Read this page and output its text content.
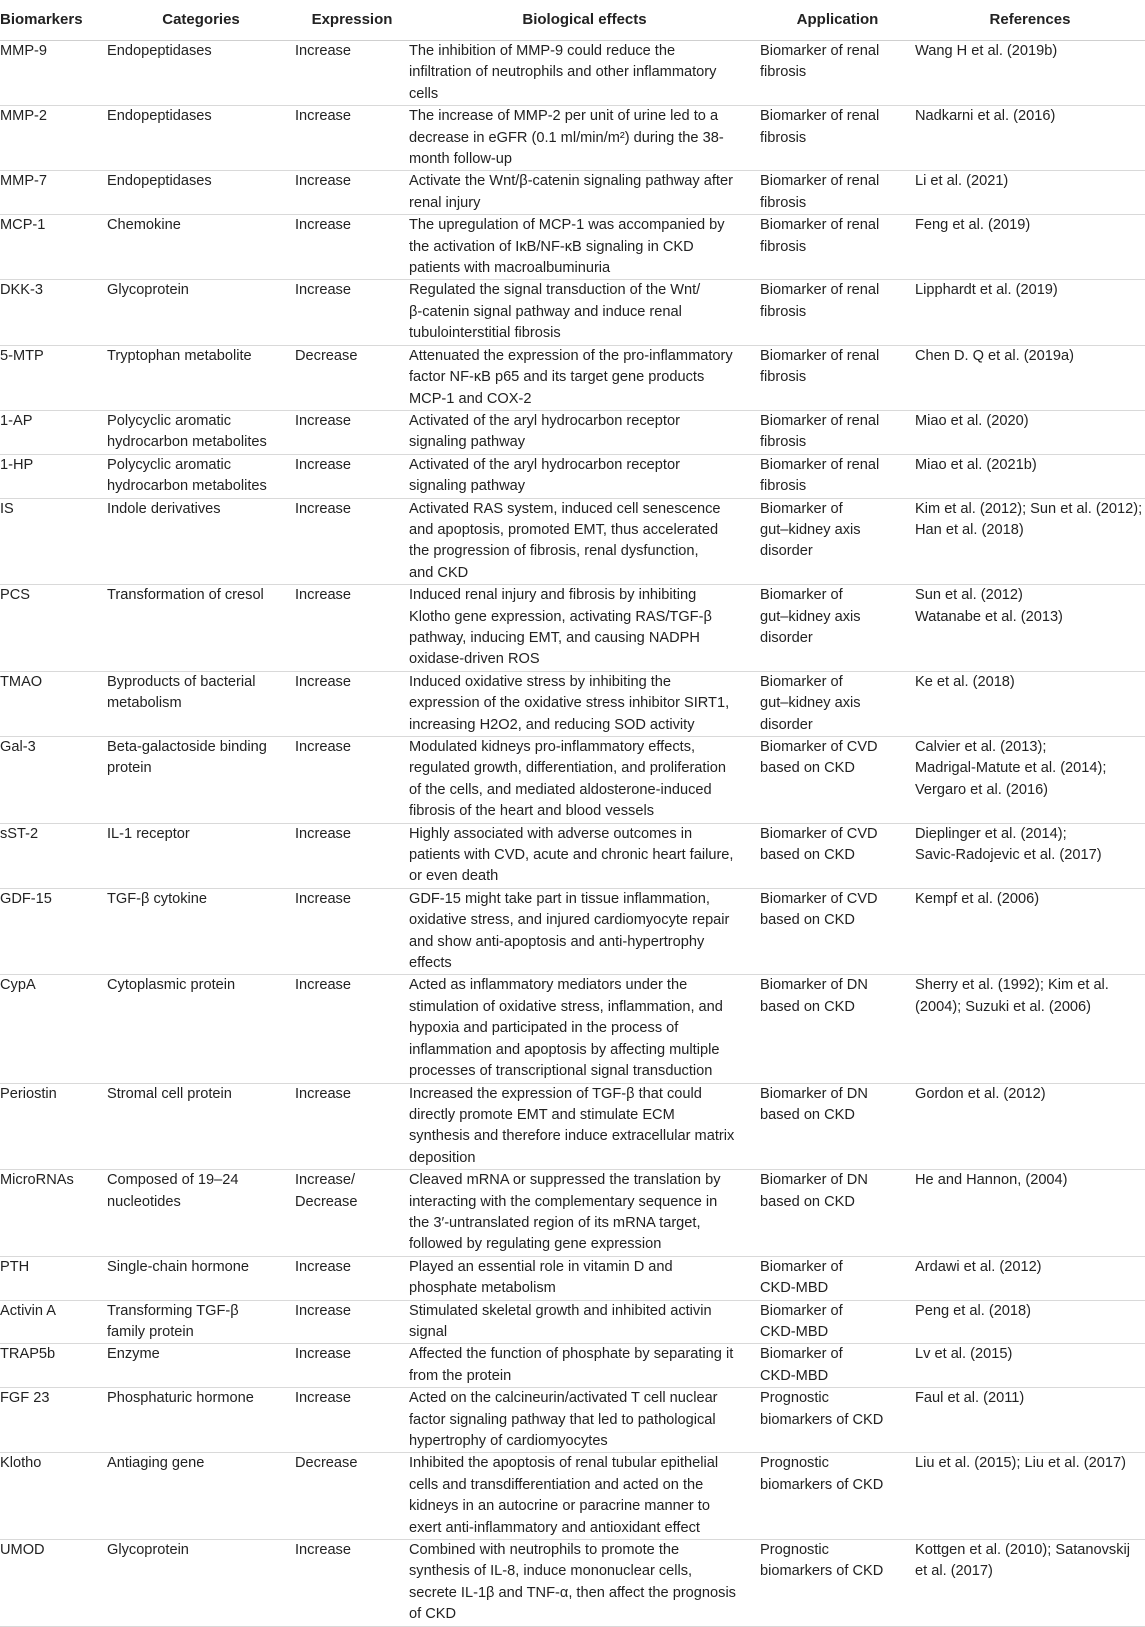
Biomarkers	Categories	Expression	Biological effects	Application	References

MMP-9	Endopeptidases	Increase	The inhibition of MMP-9 could reduce the
infiltration of neutrophils and other inflammatory
cells	Biomarker of renal
fibrosis	Wang H et al. (2019b)

MMP-2	Endopeptidases	Increase	The increase of MMP-2 per unit of urine led to a
decrease in eGFR (0.1 ml/min/m²) during the 38-
month follow-up	Biomarker of renal
fibrosis	Nadkarni et al. (2016)

MMP-7	Endopeptidases	Increase	Activate the Wnt/β-catenin signaling pathway after
renal injury	Biomarker of renal
fibrosis	Li et al. (2021)

MCP-1	Chemokine	Increase	The upregulation of MCP-1 was accompanied by
the activation of IκB/NF-κB signaling in CKD
patients with macroalbuminuria	Biomarker of renal
fibrosis	Feng et al. (2019)

DKK-3	Glycoprotein	Increase	Regulated the signal transduction of the Wnt/
β-catenin signal pathway and induce renal
tubulointerstitial fibrosis	Biomarker of renal
fibrosis	Lipphardt et al. (2019)

5-MTP	Tryptophan metabolite	Decrease	Attenuated the expression of the pro-inflammatory
factor NF-κB p65 and its target gene products
MCP-1 and COX-2	Biomarker of renal
fibrosis	Chen D. Q et al. (2019a)

1-AP	Polycyclic aromatic
hydrocarbon metabolites	Increase	Activated of the aryl hydrocarbon receptor
signaling pathway	Biomarker of renal
fibrosis	Miao et al. (2020)

1-HP	Polycyclic aromatic
hydrocarbon metabolites	Increase	Activated of the aryl hydrocarbon receptor
signaling pathway	Biomarker of renal
fibrosis	Miao et al. (2021b)

IS	Indole derivatives	Increase	Activated RAS system, induced cell senescence
and apoptosis, promoted EMT, thus accelerated
the progression of fibrosis, renal dysfunction,
and CKD	Biomarker of
gut–kidney axis
disorder	Kim et al. (2012); Sun et al. (2012);
Han et al. (2018)

PCS	Transformation of cresol	Increase	Induced renal injury and fibrosis by inhibiting
Klotho gene expression, activating RAS/TGF-β
pathway, inducing EMT, and causing NADPH
oxidase-driven ROS	Biomarker of
gut–kidney axis
disorder	Sun et al. (2012)
Watanabe et al. (2013)

TMAO	Byproducts of bacterial
metabolism	Increase	Induced oxidative stress by inhibiting the
expression of the oxidative stress inhibitor SIRT1,
increasing H2O2, and reducing SOD activity	Biomarker of
gut–kidney axis
disorder	Ke et al. (2018)

Gal-3	Beta-galactoside binding
protein	Increase	Modulated kidneys pro-inflammatory effects,
regulated growth, differentiation, and proliferation
of the cells, and mediated aldosterone-induced
fibrosis of the heart and blood vessels	Biomarker of CVD
based on CKD	Calvier et al. (2013);
Madrigal-Matute et al. (2014);
Vergaro et al. (2016)

sST-2	IL-1 receptor	Increase	Highly associated with adverse outcomes in
patients with CVD, acute and chronic heart failure,
or even death	Biomarker of CVD
based on CKD	Dieplinger et al. (2014);
Savic-Radojevic et al. (2017)

GDF-15	TGF-β cytokine	Increase	GDF-15 might take part in tissue inflammation,
oxidative stress, and injured cardiomyocyte repair
and show anti-apoptosis and anti-hypertrophy
effects	Biomarker of CVD
based on CKD	Kempf et al. (2006)

CypA	Cytoplasmic protein	Increase	Acted as inflammatory mediators under the
stimulation of oxidative stress, inflammation, and
hypoxia and participated in the process of
inflammation and apoptosis by affecting multiple
processes of transcriptional signal transduction	Biomarker of DN
based on CKD	Sherry et al. (1992); Kim et al.
(2004); Suzuki et al. (2006)

Periostin	Stromal cell protein	Increase	Increased the expression of TGF-β that could
directly promote EMT and stimulate ECM
synthesis and therefore induce extracellular matrix
deposition	Biomarker of DN
based on CKD	Gordon et al. (2012)

MicroRNAs	Composed of 19–24
nucleotides	Increase/
Decrease	Cleaved mRNA or suppressed the translation by
interacting with the complementary sequence in
the 3′-untranslated region of its mRNA target,
followed by regulating gene expression	Biomarker of DN
based on CKD	He and Hannon, (2004)

PTH	Single-chain hormone	Increase	Played an essential role in vitamin D and
phosphate metabolism	Biomarker of
CKD-MBD	Ardawi et al. (2012)

Activin A	Transforming TGF-β
family protein	Increase	Stimulated skeletal growth and inhibited activin
signal	Biomarker of
CKD-MBD	Peng et al. (2018)

TRAP5b	Enzyme	Increase	Affected the function of phosphate by separating it
from the protein	Biomarker of
CKD-MBD	Lv et al. (2015)

FGF 23	Phosphaturic hormone	Increase	Acted on the calcineurin/activated T cell nuclear
factor signaling pathway that led to pathological
hypertrophy of cardiomyocytes	Prognostic
biomarkers of CKD	Faul et al. (2011)

Klotho	Antiaging gene	Decrease	Inhibited the apoptosis of renal tubular epithelial
cells and transdifferentiation and acted on the
kidneys in an autocrine or paracrine manner to
exert anti-inflammatory and antioxidant effect	Prognostic
biomarkers of CKD	Liu et al. (2015); Liu et al. (2017)

UMOD	Glycoprotein	Increase	Combined with neutrophils to promote the
synthesis of IL-8, induce mononuclear cells,
secrete IL-1β and TNF-α, then affect the prognosis
of CKD	Prognostic
biomarkers of CKD	Kottgen et al. (2010); Satanovskij
et al. (2017)
